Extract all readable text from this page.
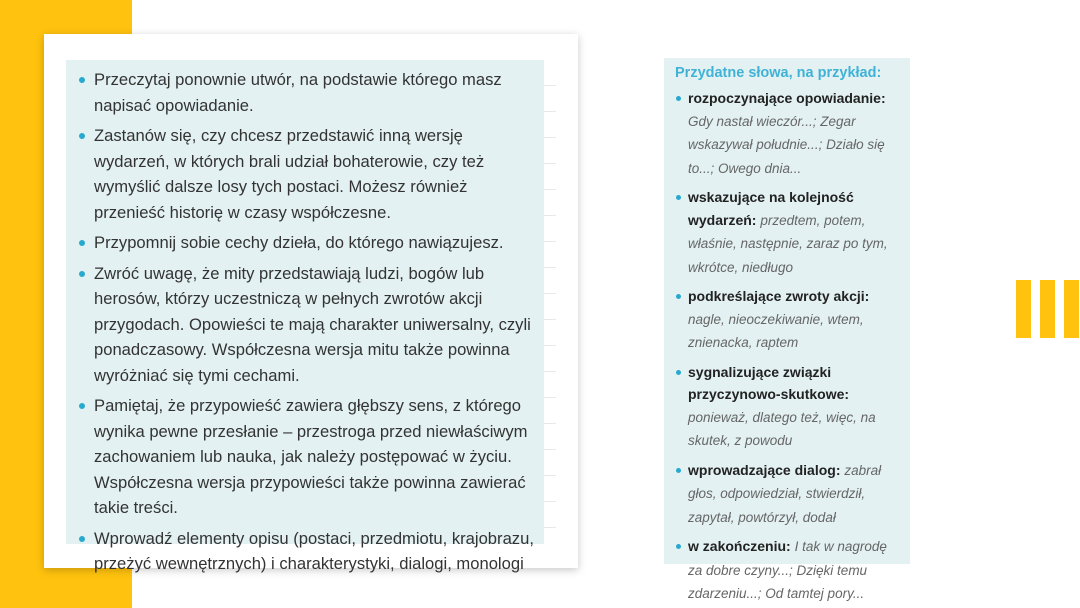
Przeczytaj ponownie utwór, na podstawie którego masz napisać opowiadanie.
Zastanów się, czy chcesz przedstawić inną wersję wydarzeń, w których brali udział bohaterowie, czy też wymyślić dalsze losy tych postaci. Możesz również przenieść historię w czasy współczesne.
Przypomnij sobie cechy dzieła, do którego nawiązujesz.
Zwróć uwagę, że mity przedstawiają ludzi, bogów lub herosów, którzy uczestniczą w pełnych zwrotów akcji przygodach. Opowieści te mają charakter uniwersalny, czyli ponadczasowy. Współczesna wersja mitu także powinna wyróżniać się tymi cechami.
Pamiętaj, że przypowieść zawiera głębszy sens, z którego wynika pewne przesłanie – przestroga przed niewłaściwym zachowaniem lub nauka, jak należy postępować w życiu. Współczesna wersja przypowieści także powinna zawierać takie treści.
Wprowadź elementy opisu (postaci, przedmiotu, krajobrazu, przeżyć wewnętrznych) i charakterystyki, dialogi, monologi
Przydatne słowa, na przykład:
rozpoczynające opowiadanie: Gdy nastał wieczór...; Zegar wskazywał południe...; Działo się to...; Owego dnia...
wskazujące na kolejność wydarzeń: przedtem, potem, właśnie, następnie, zaraz po tym, wkrótce, niedługo
podkreślające zwroty akcji: nagle, nieoczekiwanie, wtem, znienacka, raptem
sygnalizujące związki przyczynowo-skutkowe: ponieważ, dlatego też, więc, na skutek, z powodu
wprowadzające dialog: zabrał głos, odpowiedział, stwierdził, zapytał, powtórzył, dodał
w zakończeniu: I tak w nagrodę za dobre czyny...; Dzięki temu zdarzeniu...; Od tamtej pory...
